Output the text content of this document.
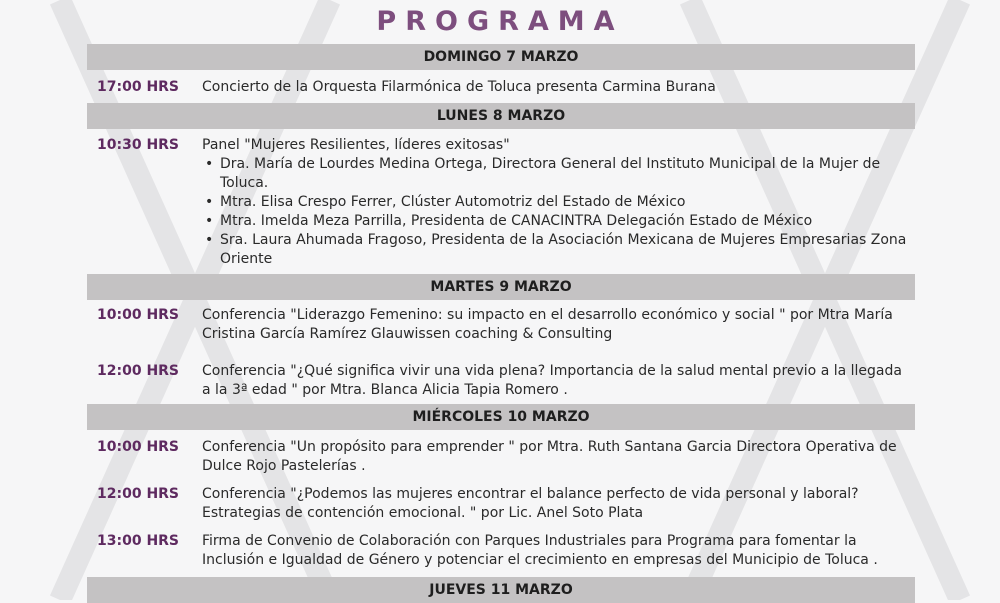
PROGRAMA
DOMINGO 7 MARZO
17:00 HRS Concierto de la Orquesta Filarmónica de Toluca presenta Carmina Burana
LUNES 8 MARZO
10:30 HRS Panel "Mujeres Resilientes, líderes exitosas"
• Dra. María de Lourdes Medina Ortega, Directora General del Instituto Municipal de la Mujer de Toluca.
• Mtra. Elisa Crespo Ferrer, Clúster Automotriz del Estado de México
• Mtra. Imelda Meza Parrilla, Presidenta de CANACINTRA Delegación Estado de México
• Sra. Laura Ahumada Fragoso, Presidenta de la Asociación Mexicana de Mujeres Empresarias Zona Oriente
MARTES 9 MARZO
10:00 HRS Conferencia "Liderazgo Femenino: su impacto en el desarrollo económico y social " por Mtra María Cristina García Ramírez Glauwissen coaching & Consulting
12:00 HRS Conferencia "¿Qué significa vivir una vida plena? Importancia de la salud mental previo a la llegada a la 3ª edad " por Mtra. Blanca Alicia Tapia Romero .
MIÉRCOLES 10 MARZO
10:00 HRS Conferencia "Un propósito para emprender " por Mtra. Ruth Santana Garcia Directora Operativa de Dulce Rojo Pastelerías .
12:00 HRS Conferencia "¿Podemos las mujeres encontrar el balance perfecto de vida personal y laboral? Estrategias de contención emocional. " por Lic. Anel Soto Plata
13:00 HRS Firma de Convenio de Colaboración con Parques Industriales para Programa para fomentar la Inclusión e Igualdad de Género y potenciar el crecimiento en empresas del Municipio de Toluca .
JUEVES 11 MARZO
